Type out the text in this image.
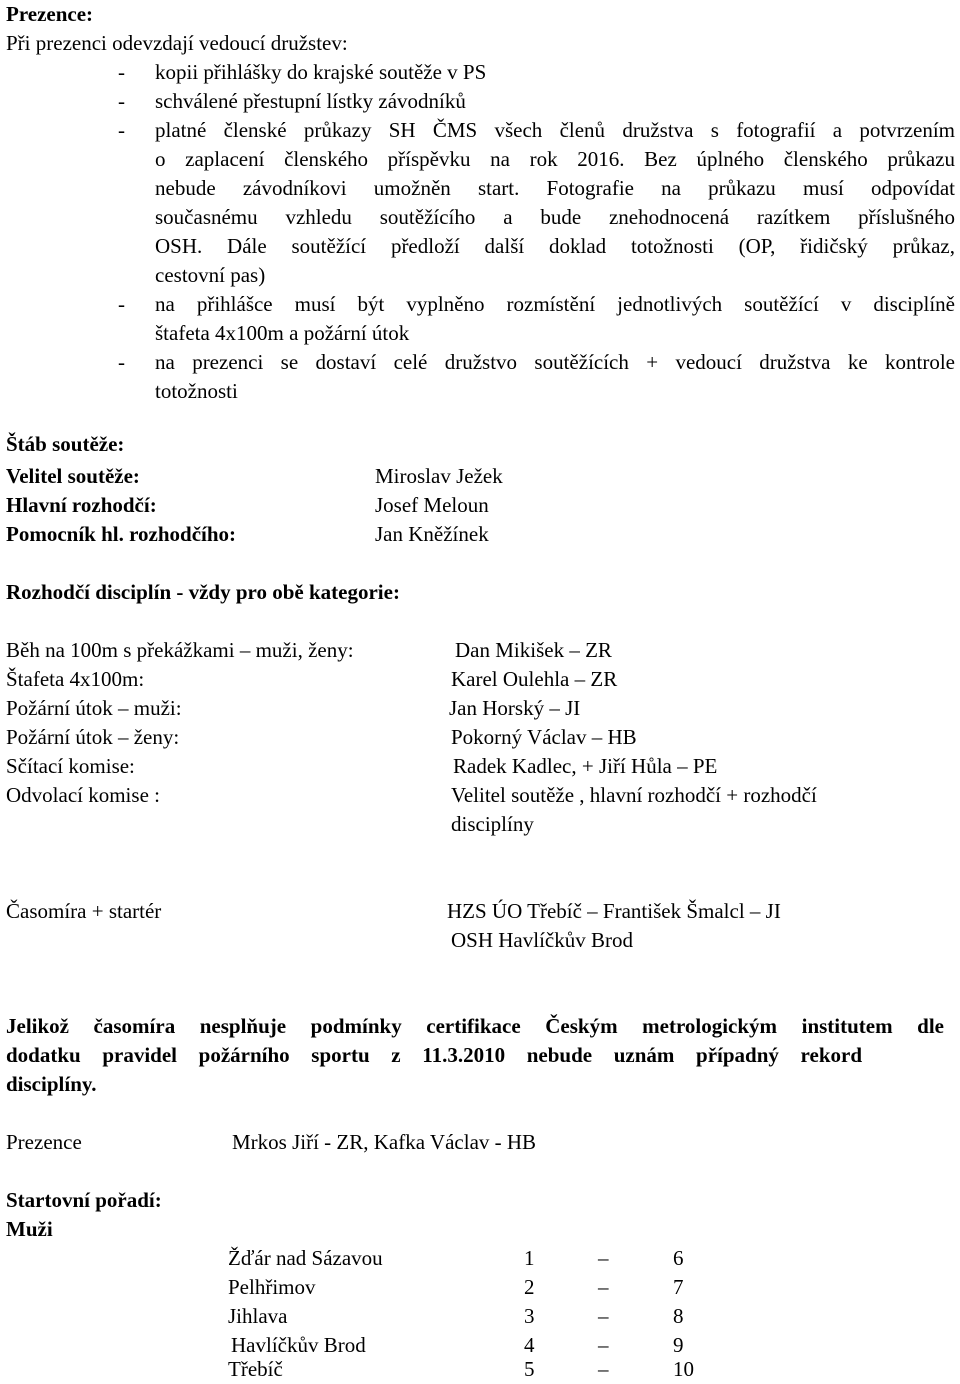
Prezence:
Při prezenci odevzdají vedoucí družstev:
- kopii přihlášky do krajské soutěže v PS
- schválené přestupní lístky závodníků
- platné členské průkazy SH ČMS všech členů družstva s fotografií a potvrzením
o zaplacení členského příspěvku na rok 2016. Bez úplného členského průkazu
nebude závodníkovi umožněn start. Fotografie na průkazu musí odpovídat
současnému vzhledu soutěžícího a bude znehodnocená razítkem příslušného
OSH. Dále soutěžící předloží další doklad totožnosti (OP, řidičský průkaz,
cestovní pas)
- na přihlášce musí být vyplněno rozmístění jednotlivých soutěžící v disciplíně
štafeta 4x100m a požární útok
- na prezenci se dostaví celé družstvo soutěžících + vedoucí družstva ke kontrole
totožnosti
Štáb soutěže:
Velitel soutěže:	Miroslav Ježek
Hlavní rozhodčí:	Josef Meloun
Pomocník hl. rozhodčího:	Jan Kněžínek
Rozhodčí disciplín - vždy pro obě kategorie:
Běh na 100m s překážkami – muži, ženy:	Dan Mikišek – ZR
Štafeta 4x100m:	Karel Oulehla – ZR
Požární útok – muži:	Jan Horský – JI
Požární útok – ženy:	Pokorný Václav – HB
Sčítací komise:	Radek Kadlec, + Jiří Hůla – PE
Odvolací komise :	Velitel soutěže , hlavní rozhodčí + rozhodčí
disciplíny
Časomíra + startér	HZS ÚO Třebíč – František Šmalcl – JI
OSH Havlíčkův Brod
Jelikož časomíra nesplňuje podmínky certifikace Českým metrologickým institutem dle
dodatku pravidel požárního sportu z 11.3.2010 nebude uznám případný rekord
disciplíny.
Prezence	Mrkos Jiří - ZR, Kafka Václav - HB
Startovní pořadí:
Muži
Žďár nad Sázavou	1	–	6
Pelhřimov	2	–	7
Jihlava	3	–	8
Havlíčkův Brod	4	–	9
Třebíč	5	–	10
